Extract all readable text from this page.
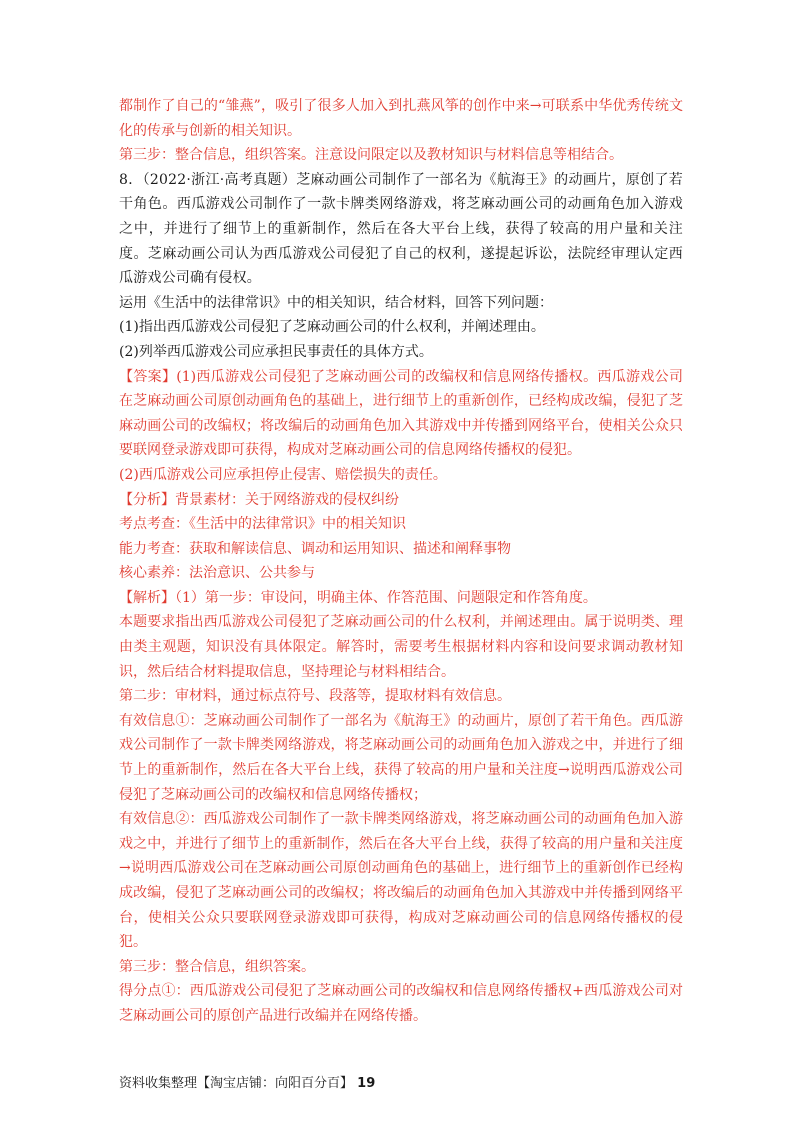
都制作了自己的“雏燕”，吸引了很多人加入到扎燕风筝的创作中来→可联系中华优秀传统文化的传承与创新的相关知识。

第三步：整合信息，组织答案。注意设问限定以及教材知识与材料信息等相结合。

8．（2022·浙江·高考真题）芝麻动画公司制作了一部名为《航海王》的动画片，原创了若干角色。西瓜游戏公司制作了一款卡牌类网络游戏，将芝麻动画公司的动画角色加入游戏之中，并进行了细节上的重新制作，然后在各大平台上线，获得了较高的用户量和关注度。芝麻动画公司认为西瓜游戏公司侵犯了自己的权利，遂提起诉讼，法院经审理认定西瓜游戏公司确有侵权。

运用《生活中的法律常识》中的相关知识，结合材料，回答下列问题：

(1)指出西瓜游戏公司侵犯了芝麻动画公司的什么权利，并阐述理由。

(2)列举西瓜游戏公司应承担民事责任的具体方式。

【答案】(1)西瓜游戏公司侵犯了芝麻动画公司的改编权和信息网络传播权。西瓜游戏公司在芝麻动画公司原创动画角色的基础上，进行细节上的重新创作，已经构成改编，侵犯了芝麻动画公司的改编权；将改编后的动画角色加入其游戏中并传播到网络平台，使相关公众只要联网登录游戏即可获得，构成对芝麻动画公司的信息网络传播权的侵犯。

(2)西瓜游戏公司应承担停止侵害、赔偿损失的责任。

【分析】背景素材：关于网络游戏的侵权纠纷

考点考查：《生活中的法律常识》中的相关知识

能力考查：获取和解读信息、调动和运用知识、描述和阐释事物

核心素养：法治意识、公共参与

【解析】（1）第一步：审设问，明确主体、作答范围、问题限定和作答角度。

本题要求指出西瓜游戏公司侵犯了芝麻动画公司的什么权利，并阐述理由。属于说明类、理由类主观题，知识没有具体限定。解答时，需要考生根据材料内容和设问要求调动教材知识，然后结合材料提取信息，坚持理论与材料相结合。

第二步：审材料，通过标点符号、段落等，提取材料有效信息。

有效信息①：芝麻动画公司制作了一部名为《航海王》的动画片，原创了若干角色。西瓜游戏公司制作了一款卡牌类网络游戏，将芝麻动画公司的动画角色加入游戏之中，并进行了细节上的重新制作，然后在各大平台上线，获得了较高的用户量和关注度→说明西瓜游戏公司侵犯了芝麻动画公司的改编权和信息网络传播权；

有效信息②：西瓜游戏公司制作了一款卡牌类网络游戏，将芝麻动画公司的动画角色加入游戏之中，并进行了细节上的重新制作，然后在各大平台上线，获得了较高的用户量和关注度→说明西瓜游戏公司在芝麻动画公司原创动画角色的基础上，进行细节上的重新创作已经构成改编，侵犯了芝麻动画公司的改编权；将改编后的动画角色加入其游戏中并传播到网络平台，使相关公众只要联网登录游戏即可获得，构成对芝麻动画公司的信息网络传播权的侵犯。

第三步：整合信息，组织答案。

得分点①：西瓜游戏公司侵犯了芝麻动画公司的改编权和信息网络传播权+西瓜游戏公司对芝麻动画公司的原创产品进行改编并在网络传播。

资料收集整理【淘宝店铺：向阳百分百】 19
